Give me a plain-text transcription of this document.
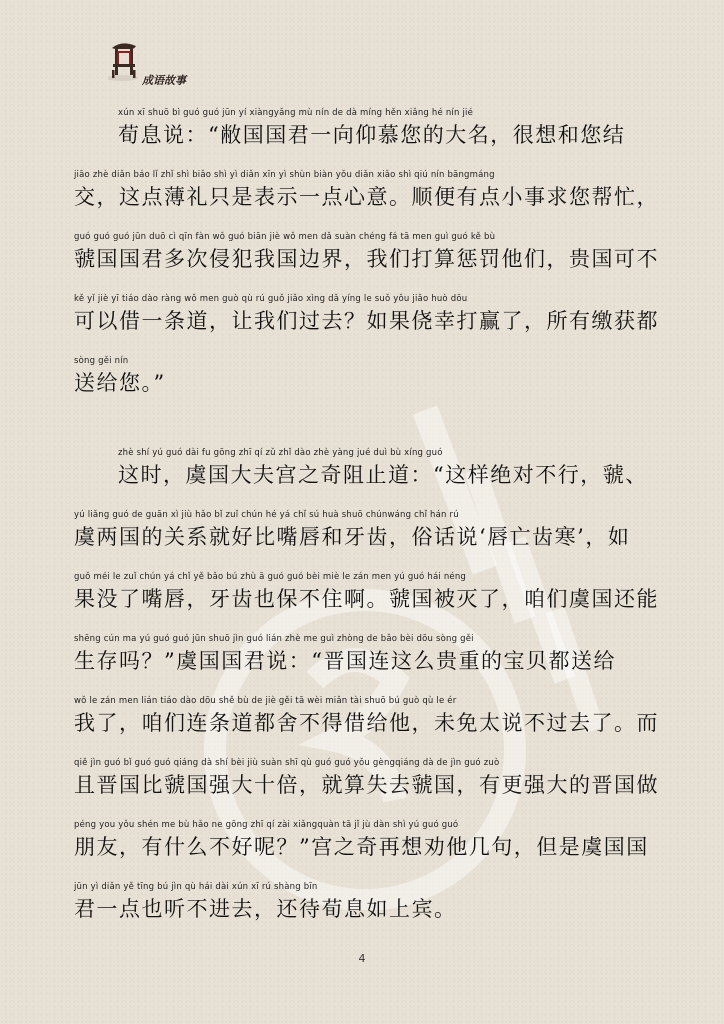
成语故事
xún xī shuō bì guó guó jūn yí xiàngyǎng mù nín de dà míng hěn xiǎng hé nín jié
荀息说：“敝国国君一向仰慕您的大名，很想和您结
jiāo zhè diǎn báo lǐ zhǐ shì biǎo shì yì diǎn xīn yì shùn biàn yǒu diǎn xiǎo shì qiú nín bāngmáng
交，这点薄礼只是表示一点心意。顺便有点小事求您帮忙，
guó guó guó jūn duō cì qīn fàn wǒ guó biān jiè wǒ men dǎ suàn chéng fá tā men guì guó kě bù
虢国国君多次侵犯我国边界，我们打算惩罚他们，贵国可不
kě yǐ jiè yī tiáo dào ràng wǒ men guò qù rú guǒ jiǎo xìng dǎ yíng le suǒ yǒu jiǎo huò dōu
可以借一条道，让我们过去？如果侥幸打赢了，所有缴获都
sòng gěi nín
送给您。”
zhè shí yú guó dài fu gōng zhī qí zǔ zhǐ dào zhè yàng jué duì bù xíng guó
这时，虞国大夫宫之奇阻止道：“这样绝对不行，虢、
yú liǎng guó de guān xì jiù hǎo bǐ zuǐ chún hé yá chǐ sú huà shuō chúnwáng chǐ hán rú
虞两国的关系就好比嘴唇和牙齿，俗话说‘唇亡齿寒’，如
guǒ méi le zuǐ chún yá chǐ yě bǎo bú zhù ā guó guó bèi miè le zán men yú guó hái néng
果没了嘴唇，牙齿也保不住啊。虢国被灭了，咱们虞国还能
shēng cún ma yú guó guó jūn shuō jìn guó lián zhè me guì zhòng de bǎo bèi dōu sòng gěi
生存吗？”虞国国君说：“晋国连这么贵重的宝贝都送给
wǒ le zán men lián tiáo dào dōu shě bù de jiè gěi tā wèi miǎn tài shuō bú guò qù le ér
我了，咱们连条道都舍不得借给他，未免太说不过去了。而
qiě jìn guó bǐ guó guó qiáng dà shí bèi jiù suàn shī qù guó guó yǒu gèngqiáng dà de jìn guó zuò
且晋国比虢国强大十倍，就算失去虢国，有更强大的晋国做
péng you yǒu shén me bù hǎo ne gōng zhī qí zài xiǎngquàn tā jǐ jù dàn shì yú guó guó
朋友，有什么不好呢？”宫之奇再想劝他几句，但是虞国国
jūn yì diǎn yě tīng bú jìn qù hái dài xún xī rú shàng bīn
君一点也听不进去，还待荀息如上宾。
4
